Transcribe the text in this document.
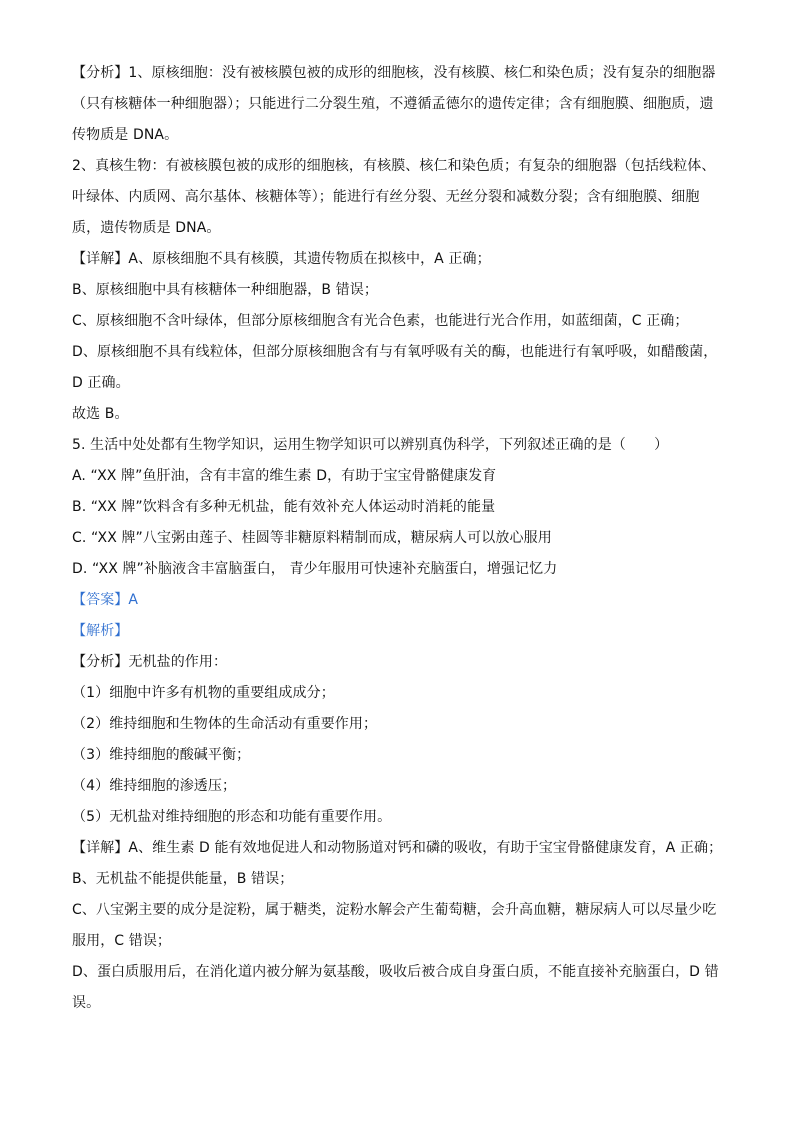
【分析】1、原核细胞：没有被核膜包被的成形的细胞核，没有核膜、核仁和染色质；没有复杂的细胞器
（只有核糖体一种细胞器）；只能进行二分裂生殖，不遵循孟德尔的遗传定律；含有细胞膜、细胞质，遗
传物质是 DNA。
2、真核生物：有被核膜包被的成形的细胞核，有核膜、核仁和染色质；有复杂的细胞器（包括线粒体、
叶绿体、内质网、高尔基体、核糖体等）；能进行有丝分裂、无丝分裂和减数分裂；含有细胞膜、细胞
质，遗传物质是 DNA。
【详解】A、原核细胞不具有核膜，其遗传物质在拟核中，A 正确；
B、原核细胞中具有核糖体一种细胞器，B 错误；
C、原核细胞不含叶绿体，但部分原核细胞含有光合色素，也能进行光合作用，如蓝细菌，C 正确；
D、原核细胞不具有线粒体，但部分原核细胞含有与有氧呼吸有关的酶，也能进行有氧呼吸，如醋酸菌，
D 正确。
故选 B。
5. 生活中处处都有生物学知识，运用生物学知识可以辨别真伪科学，下列叙述正确的是（　　）
A. “XX 牌”鱼肝油，含有丰富的维生素 D，有助于宝宝骨骼健康发育
B. “XX 牌”饮料含有多种无机盐，能有效补充人体运动时消耗的能量
C. “XX 牌”八宝粥由莲子、桂圆等非糖原料精制而成，糖尿病人可以放心服用
D. “XX 牌”补脑液含丰富脑蛋白， 青少年服用可快速补充脑蛋白，增强记忆力
【答案】A
【解析】
【分析】无机盐的作用：
（1）细胞中许多有机物的重要组成成分；
（2）维持细胞和生物体的生命活动有重要作用；
（3）维持细胞的酸碱平衡；
（4）维持细胞的渗透压；
（5）无机盐对维持细胞的形态和功能有重要作用。
【详解】A、维生素 D 能有效地促进人和动物肠道对钙和磷的吸收，有助于宝宝骨骼健康发育，A 正确；
B、无机盐不能提供能量，B 错误；
C、八宝粥主要的成分是淀粉，属于糖类，淀粉水解会产生葡萄糖，会升高血糖，糖尿病人可以尽量少吃
服用，C 错误；
D、蛋白质服用后，在消化道内被分解为氨基酸，吸收后被合成自身蛋白质，不能直接补充脑蛋白，D 错
误。
